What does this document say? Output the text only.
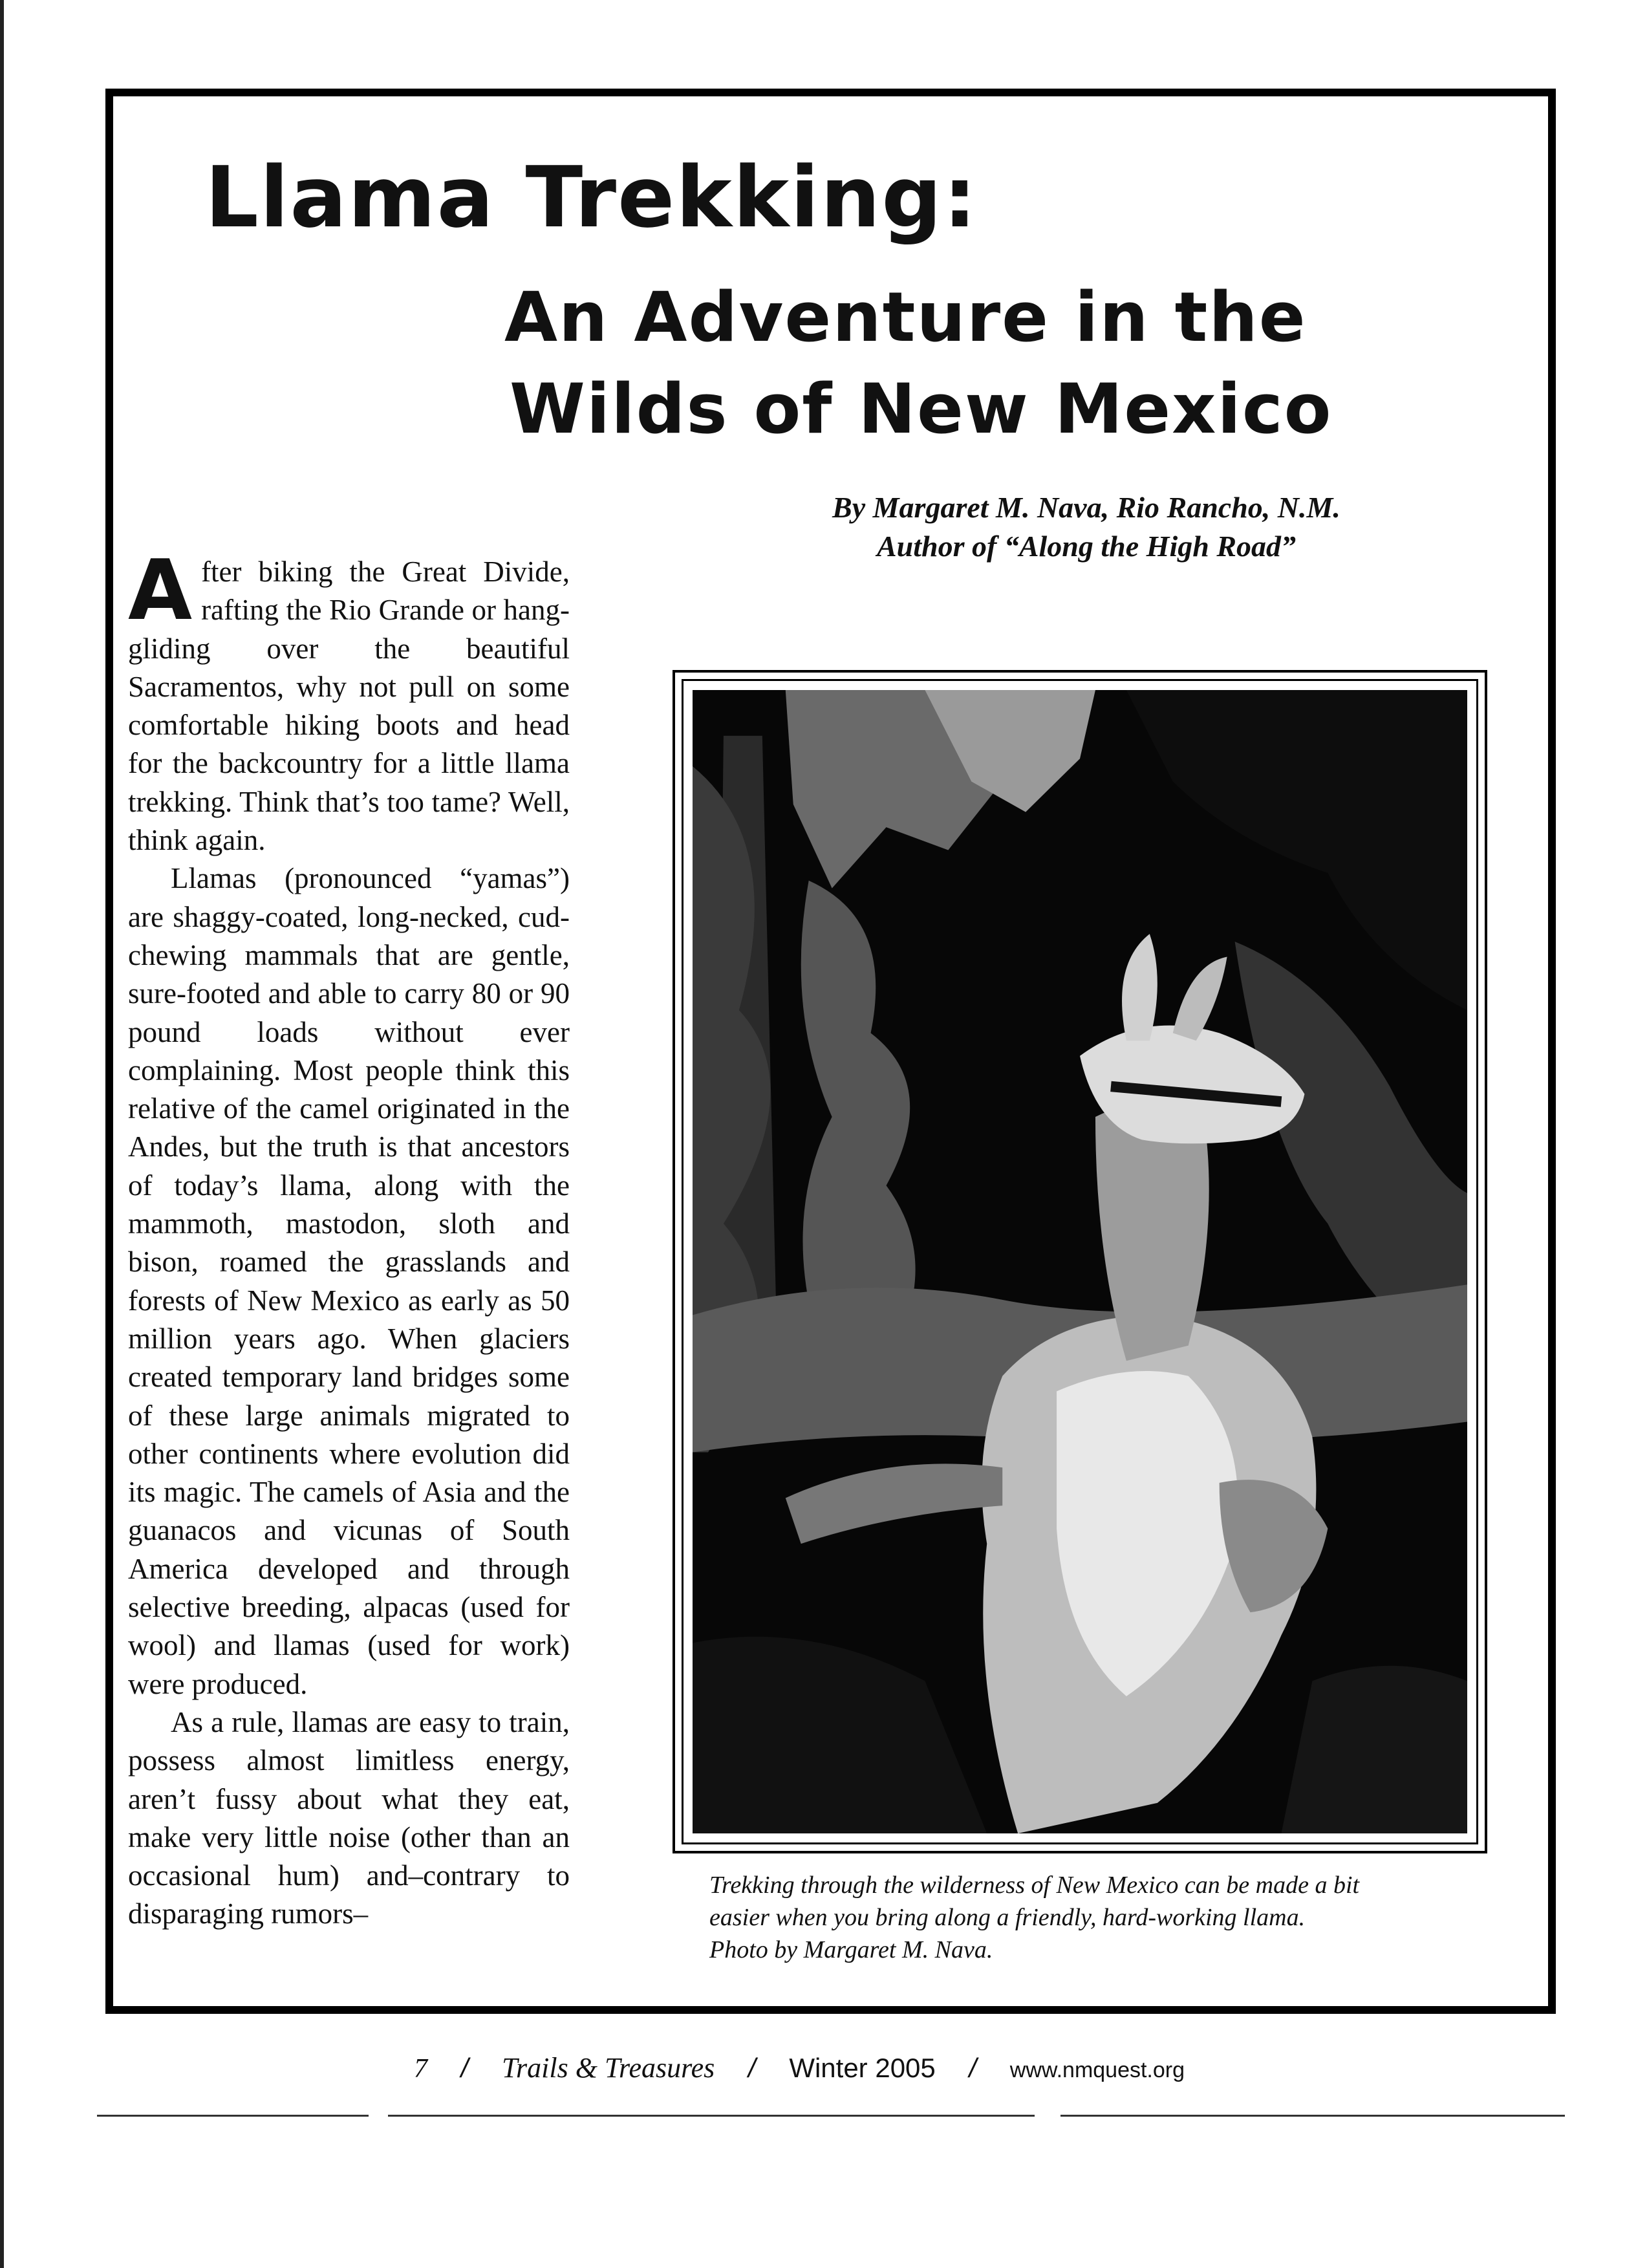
Llama Trekking:
An Adventure in the
Wilds of New Mexico
By Margaret M. Nava, Rio Rancho, N.M.
Author of “Along the High Road”

After biking the Great Divide, rafting the Rio Grande or hang-gliding over the beautiful Sacramentos, why not pull on some comfortable hiking boots and head for the backcountry for a little llama trekking. Think that’s too tame? Well, think again.

Llamas (pronounced “yamas”) are shaggy-coated, long-necked, cud-chewing mammals that are gentle, sure-footed and able to carry 80 or 90 pound loads without ever complaining. Most people think this relative of the camel originated in the Andes, but the truth is that ancestors of today’s llama, along with the mammoth, mastodon, sloth and bison, roamed the grasslands and forests of New Mexico as early as 50 million years ago. When glaciers created temporary land bridges some of these large animals migrated to other continents where evolution did its magic. The camels of Asia and the guanacos and vicunas of South America developed and through selective breeding, alpacas (used for wool) and llamas (used for work) were produced.

As a rule, llamas are easy to train, possess almost limitless energy, aren’t fussy about what they eat, make very little noise (other than an occasional hum) and–contrary to disparaging rumors–

Trekking through the wilderness of New Mexico can be made a bit
easier when you bring along a friendly, hard-working llama.
Photo by Margaret M. Nava.
7 / Trails & Treasures / Winter 2005 / www.nmquest.org
